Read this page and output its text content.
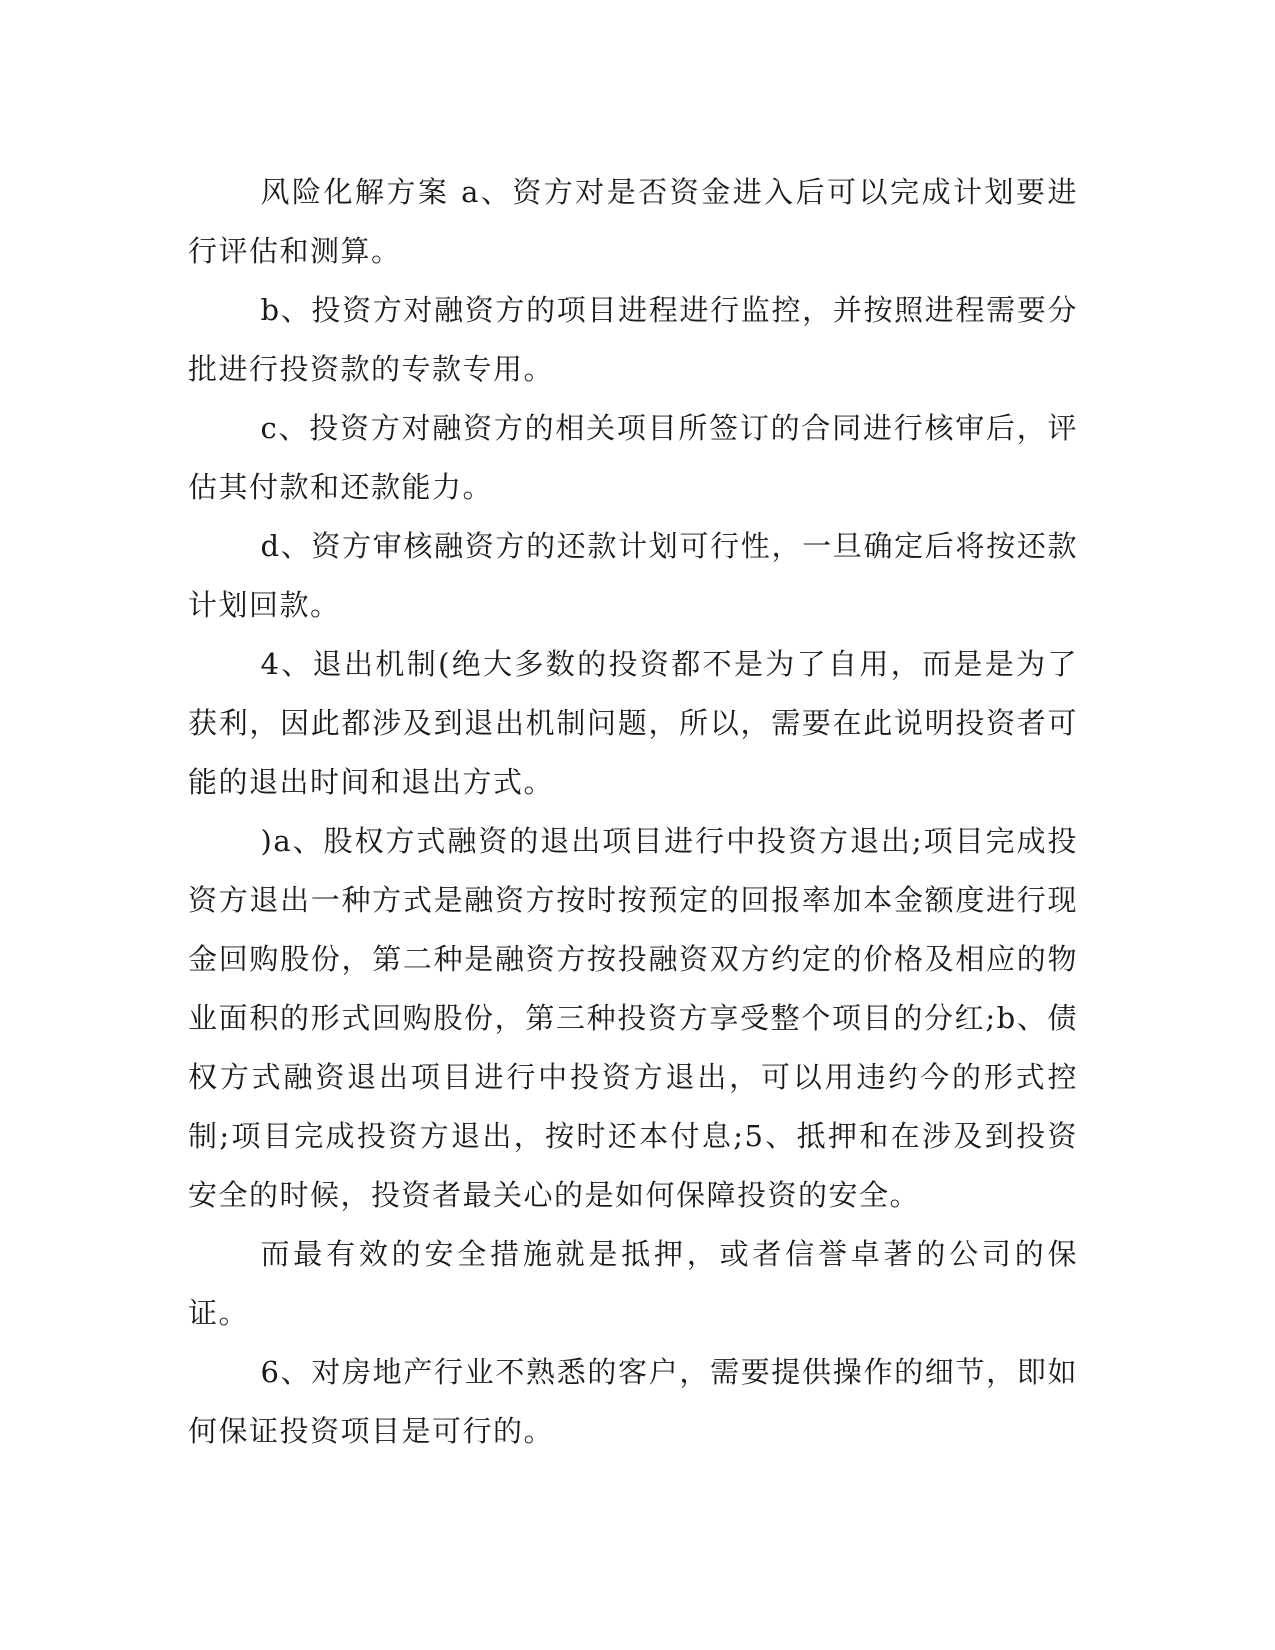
风险化解方案 a、资方对是否资金进入后可以完成计划要进行评估和测算。

b、投资方对融资方的项目进程进行监控，并按照进程需要分批进行投资款的专款专用。

c、投资方对融资方的相关项目所签订的合同进行核审后，评估其付款和还款能力。

d、资方审核融资方的还款计划可行性，一旦确定后将按还款计划回款。

4、退出机制(绝大多数的投资都不是为了自用，而是是为了获利，因此都涉及到退出机制问题，所以，需要在此说明投资者可能的退出时间和退出方式。

)a、股权方式融资的退出项目进行中投资方退出;项目完成投资方退出一种方式是融资方按时按预定的回报率加本金额度进行现金回购股份，第二种是融资方按投融资双方约定的价格及相应的物业面积的形式回购股份，第三种投资方享受整个项目的分红;b、债权方式融资退出项目进行中投资方退出，可以用违约今的形式控制;项目完成投资方退出，按时还本付息;5、抵押和在涉及到投资安全的时候，投资者最关心的是如何保障投资的安全。

而最有效的安全措施就是抵押，或者信誉卓著的公司的保证。

6、对房地产行业不熟悉的客户，需要提供操作的细节，即如何保证投资项目是可行的。
